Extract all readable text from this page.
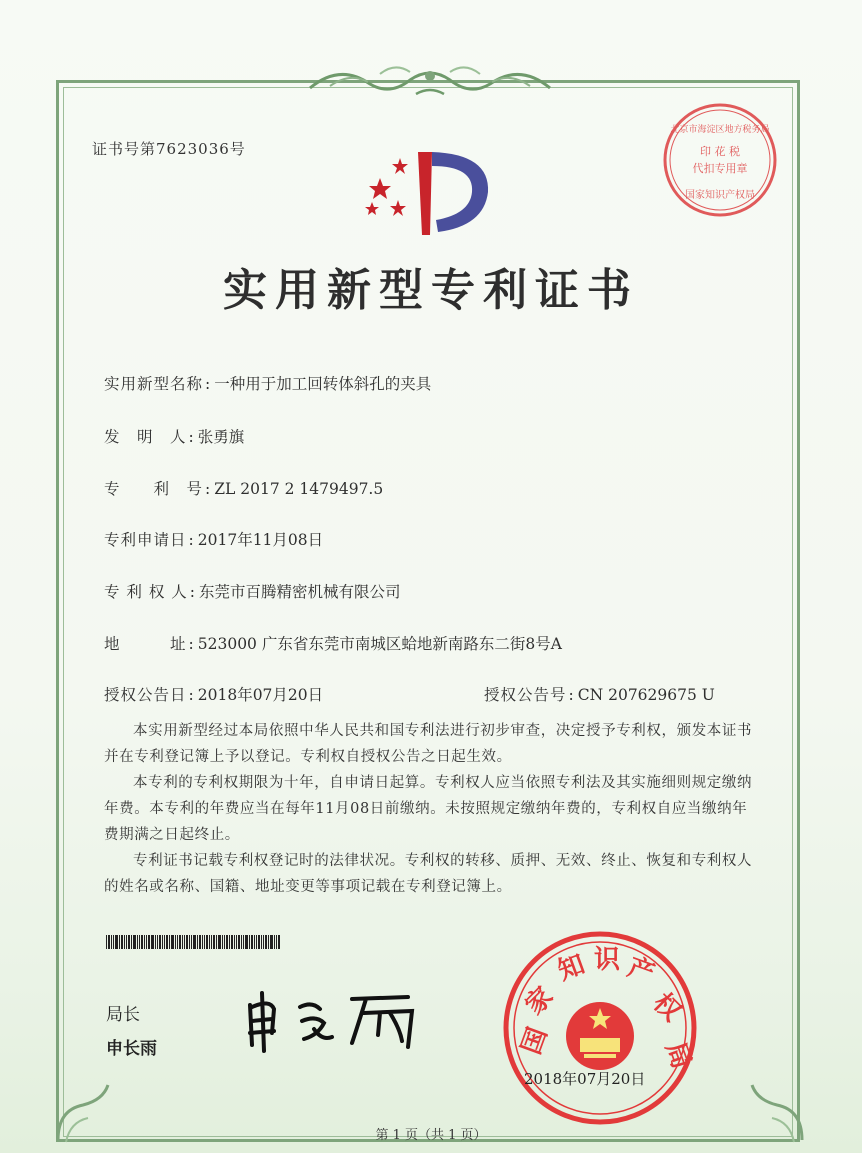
证书号第7623036号
北京市海淀区地方税务局
印 花 税
代扣专用章
国家知识产权局
实用新型专利证书
实用新型名称 : 一种用于加工回转体斜孔的夹具
发　明　人 : 张勇旗
专　　利　号 : ZL 2017 2 1479497.5
专利申请日 : 2017年11月08日
专 利 权 人 : 东莞市百腾精密机械有限公司
地　　　址 : 523000 广东省东莞市南城区蛤地新南路东二街8号A
授权公告日 : 2018年07月20日	授权公告号 : CN 207629675 U

本实用新型经过本局依照中华人民共和国专利法进行初步审查，决定授予专利权，颁发本证书并在专利登记簿上予以登记。专利权自授权公告之日起生效。

本专利的专利权期限为十年，自申请日起算。专利权人应当依照专利法及其实施细则规定缴纳年费。本专利的年费应当在每年11月08日前缴纳。未按照规定缴纳年费的，专利权自应当缴纳年费期满之日起终止。

专利证书记载专利权登记时的法律状况。专利权的转移、质押、无效、终止、恢复和专利权人的姓名或名称、国籍、地址变更等事项记载在专利登记簿上。

局长
申长雨	国
家
知 识 产
权
局
2018年07月20日
第 1 页（共 1 页）
